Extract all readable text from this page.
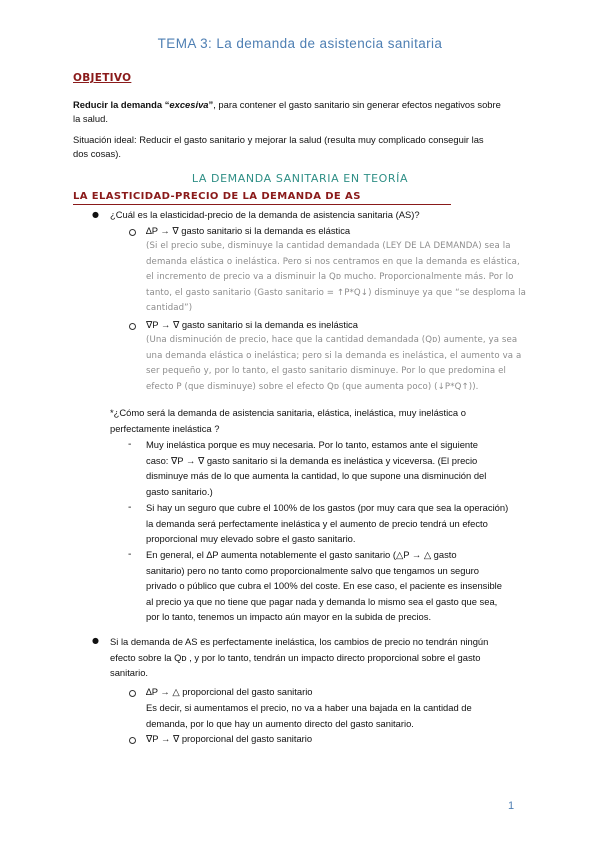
TEMA 3: La demanda de asistencia sanitaria
OBJETIVO
Reducir la demanda “excesiva”, para contener el gasto sanitario sin generar efectos negativos sobre
la salud.
Situación ideal: Reducir el gasto sanitario y mejorar la salud (resulta muy complicado conseguir las
dos cosas).
LA DEMANDA SANITARIA EN TEORÍA
LA ELASTICIDAD-PRECIO DE LA DEMANDA DE AS
● ¿Cuál es la elasticidad-precio de la demanda de asistencia sanitaria (AS)?
∆P → ∇ gasto sanitario si la demanda es elástica
(Si el precio sube, disminuye la cantidad demandada (LEY DE LA DEMANDA) sea la
demanda elástica o inelástica. Pero si nos centramos en que la demanda es elástica,
el incremento de precio va a disminuir la Qᴅ mucho. Proporcionalmente más. Por lo
tanto, el gasto sanitario (Gasto sanitario = ↑P*Q↓) disminuye ya que “se desploma la
cantidad”)
∇P → ∇ gasto sanitario si la demanda es inelástica
(Una disminución de precio, hace que la cantidad demandada (Qᴅ) aumente, ya sea
una demanda elástica o inelástica; pero si la demanda es inelástica, el aumento va a
ser pequeño y, por lo tanto, el gasto sanitario disminuye. Por lo que predomina el
efecto P (que disminuye) sobre el efecto Qᴅ (que aumenta poco) (↓P*Q↑)).
*¿Cómo será la demanda de asistencia sanitaria, elástica, inelástica, muy inelástica o
perfectamente inelástica ?
- Muy inelástica porque es muy necesaria. Por lo tanto, estamos ante el siguiente
caso: ∇P → ∇ gasto sanitario si la demanda es inelástica y viceversa. (El precio
disminuye más de lo que aumenta la cantidad, lo que supone una disminución del
gasto sanitario.)
- Si hay un seguro que cubre el 100% de los gastos (por muy cara que sea la operación)
la demanda será perfectamente inelástica y el aumento de precio tendrá un efecto
proporcional muy elevado sobre el gasto sanitario.
- En general, el ∆P aumenta notablemente el gasto sanitario (△P → △ gasto
sanitario) pero no tanto como proporcionalmente salvo que tengamos un seguro
privado o público que cubra el 100% del coste. En ese caso, el paciente es insensible
al precio ya que no tiene que pagar nada y demanda lo mismo sea el gasto que sea,
por lo tanto, tenemos un impacto aún mayor en la subida de precios.
● Si la demanda de AS es perfectamente inelástica, los cambios de precio no tendrán ningún
efecto sobre la Qᴅ , y por lo tanto, tendrán un impacto directo proporcional sobre el gasto
sanitario.
∆P → △ proporcional del gasto sanitario
Es decir, si aumentamos el precio, no va a haber una bajada en la cantidad de
demanda, por lo que hay un aumento directo del gasto sanitario.
∇P → ∇ proporcional del gasto sanitario
1
